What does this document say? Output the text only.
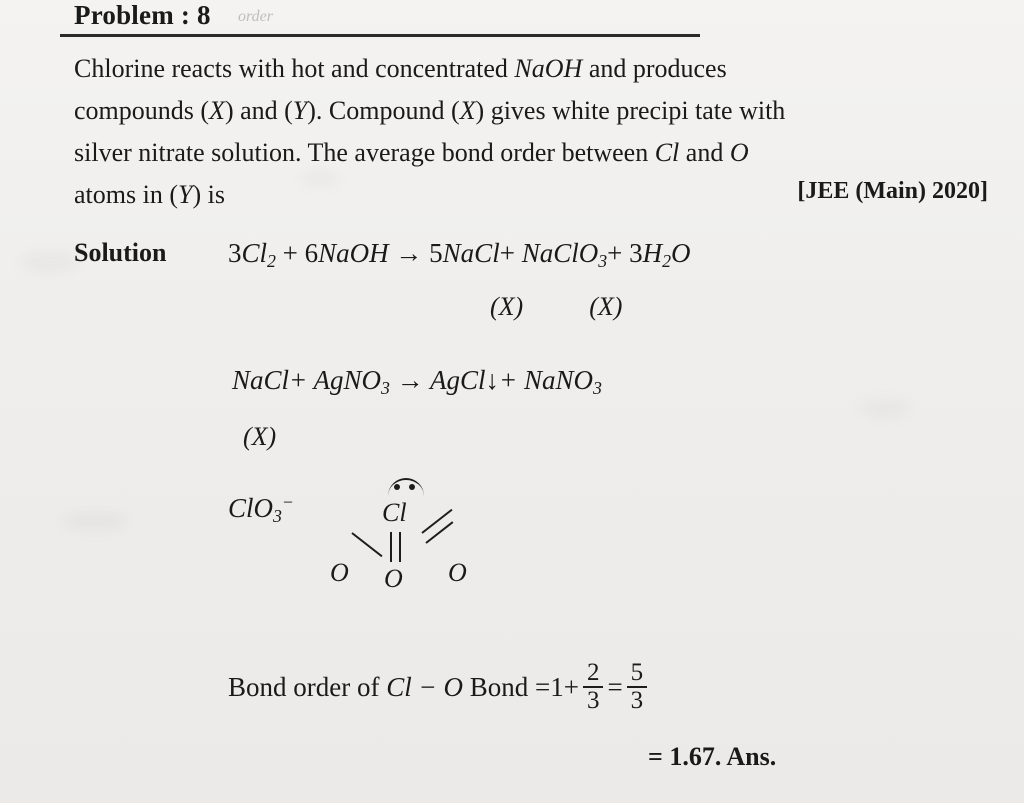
Problem : 8 order
Chlorine reacts with hot and concentrated NaOH and produces
compounds (X) and (Y). Compound (X) gives white precipi tate with
silver nitrate solution. The average bond order between Cl and O
atoms in (Y) is	[JEE (Main) 2020]
Solution $3Cl_2$ + 6NaOH → 5NaCl+ NaClO$_3$+ $3H_2O$
(X)	(X)
NaCl+ AgNO$_3$ → AgCl↓+ NaNO$_3$
(X)
ClO$_3$−	Cl
O O O
Bond order of
Cl − O
Bond
$=1+ \frac{2}{3} = \frac{5}{3}$
= 1.67. Ans.
